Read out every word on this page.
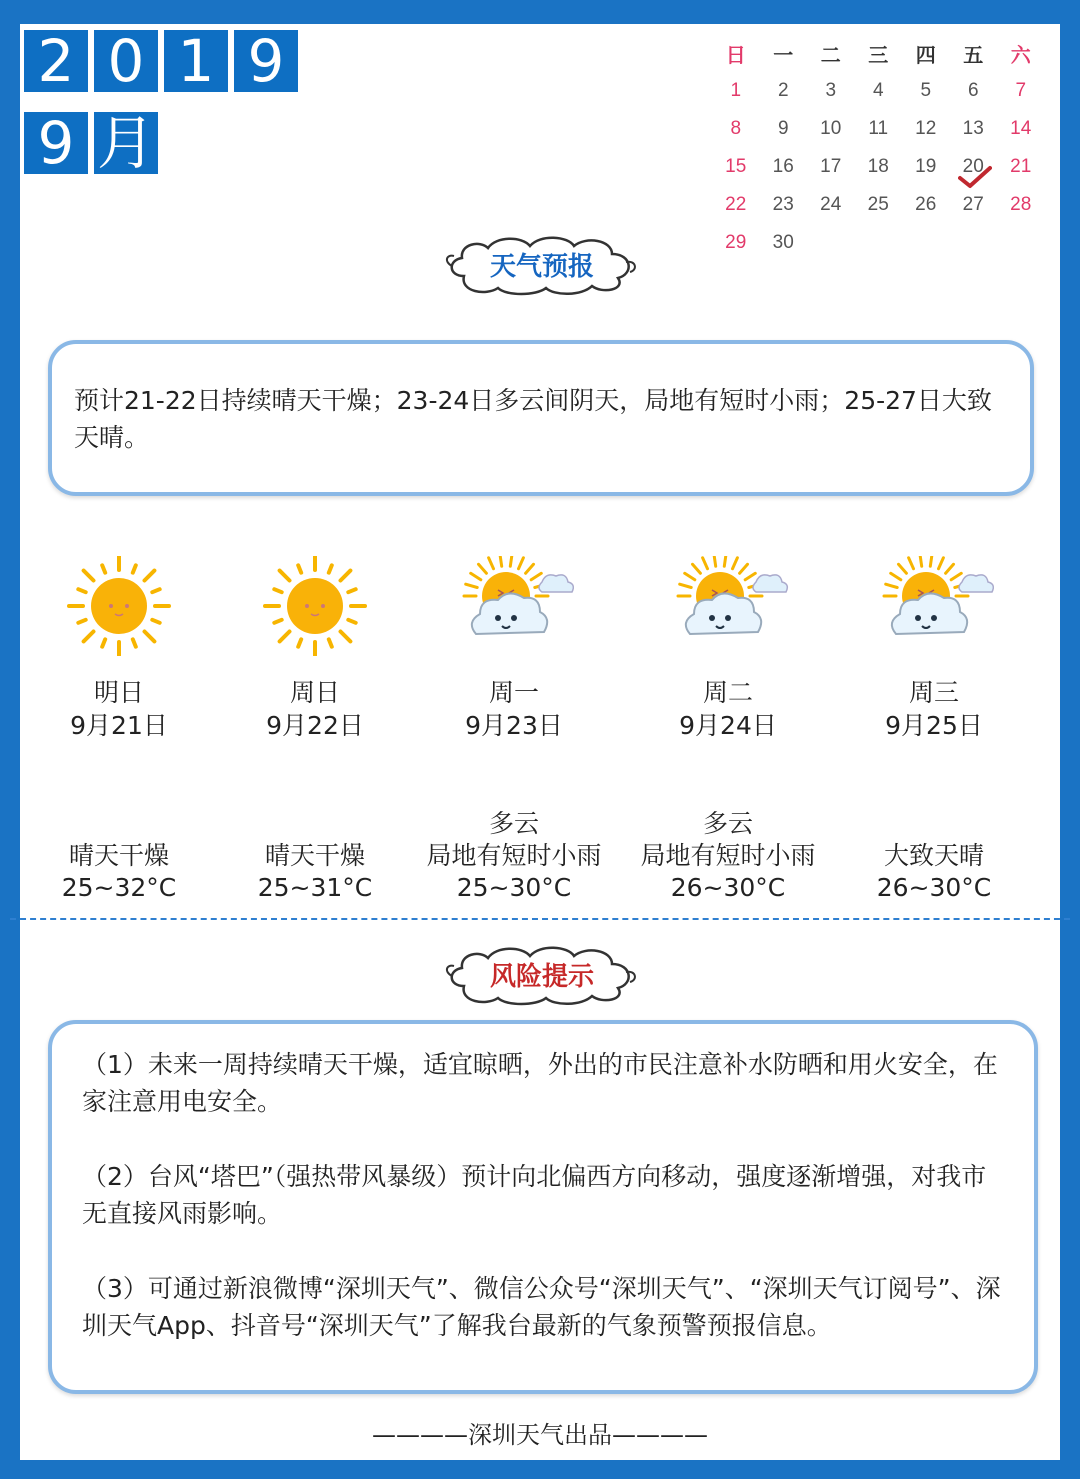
2 0 1 9
9 月
日	一	二	三	四	五	六
1	2	3	4	5	6	7
8	9	10	11	12	13	14
15	16	17	18	19	20	21
22	23	24	25	26	27	28
29	30
天气预报

预计21-22日持续晴天干燥；23-24日多云间阴天，局地有短时小雨；25-27日大致天晴。

明日
9月21日
晴天干燥
25~32°C
周日
9月22日
晴天干燥
25~31°C
周一
9月23日
多云
局地有短时小雨
25~30°C
周二
9月24日
多云
局地有短时小雨
26~30°C
周三
9月25日
大致天晴
26~30°C
风险提示

（1）未来一周持续晴天干燥，适宜晾晒，外出的市民注意补水防晒和用火安全，在家注意用电安全。

（2）台风“塔巴”（强热带风暴级）预计向北偏西方向移动，强度逐渐增强，对我市无直接风雨影响。

（3）可通过新浪微博“深圳天气”、微信公众号“深圳天气”、“深圳天气订阅号”、深圳天气App、抖音号“深圳天气”了解我台最新的气象预警预报信息。

————深圳天气出品————
